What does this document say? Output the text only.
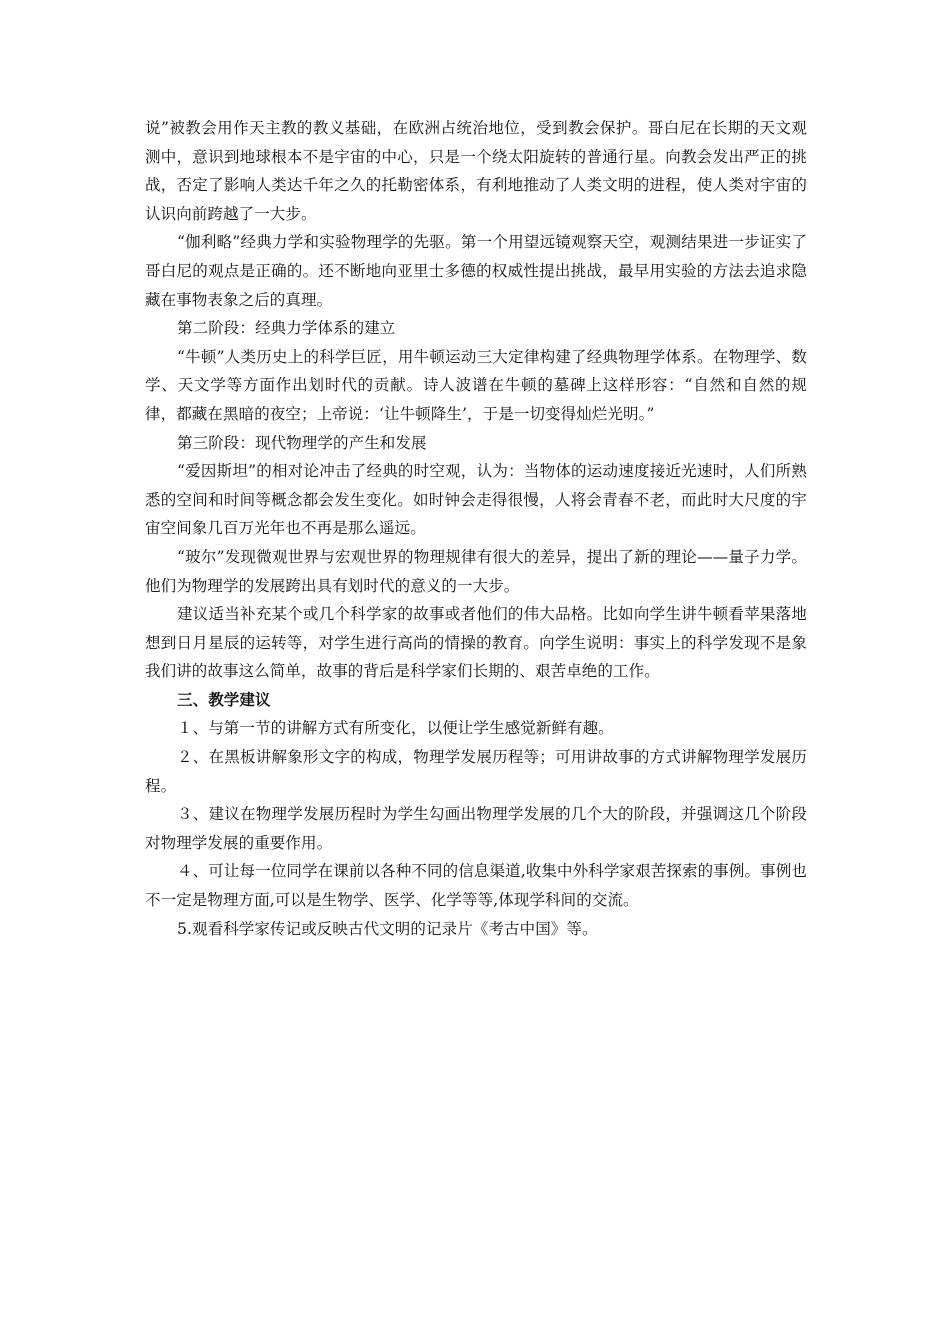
说”被教会用作天主教的教义基础，在欧洲占统治地位，受到教会保护。哥白尼在长期的天文观测中，意识到地球根本不是宇宙的中心，只是一个绕太阳旋转的普通行星。向教会发出严正的挑战，否定了影响人类达千年之久的托勒密体系，有利地推动了人类文明的进程，使人类对宇宙的认识向前跨越了一大步。

“伽利略”经典力学和实验物理学的先驱。第一个用望远镜观察天空，观测结果进一步证实了哥白尼的观点是正确的。还不断地向亚里士多德的权威性提出挑战，最早用实验的方法去追求隐藏在事物表象之后的真理。

第二阶段：经典力学体系的建立

“牛顿”人类历史上的科学巨匠，用牛顿运动三大定律构建了经典物理学体系。在物理学、数学、天文学等方面作出划时代的贡献。诗人波谱在牛顿的墓碑上这样形容：“自然和自然的规律，都藏在黑暗的夜空；上帝说：‘让牛顿降生’，于是一切变得灿烂光明。”

第三阶段：现代物理学的产生和发展

“爱因斯坦”的相对论冲击了经典的时空观，认为：当物体的运动速度接近光速时，人们所熟悉的空间和时间等概念都会发生变化。如时钟会走得很慢，人将会青春不老，而此时大尺度的宇宙空间象几百万光年也不再是那么遥远。

“玻尔”发现微观世界与宏观世界的物理规律有很大的差异，提出了新的理论——量子力学。他们为物理学的发展跨出具有划时代的意义的一大步。

建议适当补充某个或几个科学家的故事或者他们的伟大品格。比如向学生讲牛顿看苹果落地想到日月星辰的运转等，对学生进行高尚的情操的教育。向学生说明：事实上的科学发现不是象我们讲的故事这么简单，故事的背后是科学家们长期的、艰苦卓绝的工作。

三、教学建议

１、与第一节的讲解方式有所变化，以便让学生感觉新鲜有趣。

２、在黑板讲解象形文字的构成，物理学发展历程等；可用讲故事的方式讲解物理学发展历程。

３、建议在物理学发展历程时为学生勾画出物理学发展的几个大的阶段，并强调这几个阶段对物理学发展的重要作用。

４、可让每一位同学在课前以各种不同的信息渠道,收集中外科学家艰苦探索的事例。事例也不一定是物理方面,可以是生物学、医学、化学等等,体现学科间的交流。

5.观看科学家传记或反映古代文明的记录片《考古中国》等。
